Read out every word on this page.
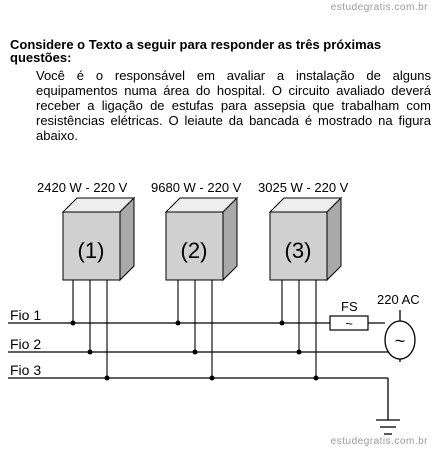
estudegratis.com.br
Considere o Texto a seguir para responder as três próximas questões:
Você é o responsável em avaliar a instalação de alguns equipamentos numa área do hospital. O circuito avaliado deverá receber a ligação de estufas para assepsia que trabalham com resistências elétricas. O leiaute da bancada é mostrado na figura abaixo.
2420 W - 220 V
(1)
9680 W - 220 V
(2)
3025 W - 220 V
(3)
Fio 1
Fio 2
Fio 3
FS
~
220 AC
~
estudegratis.com.br
